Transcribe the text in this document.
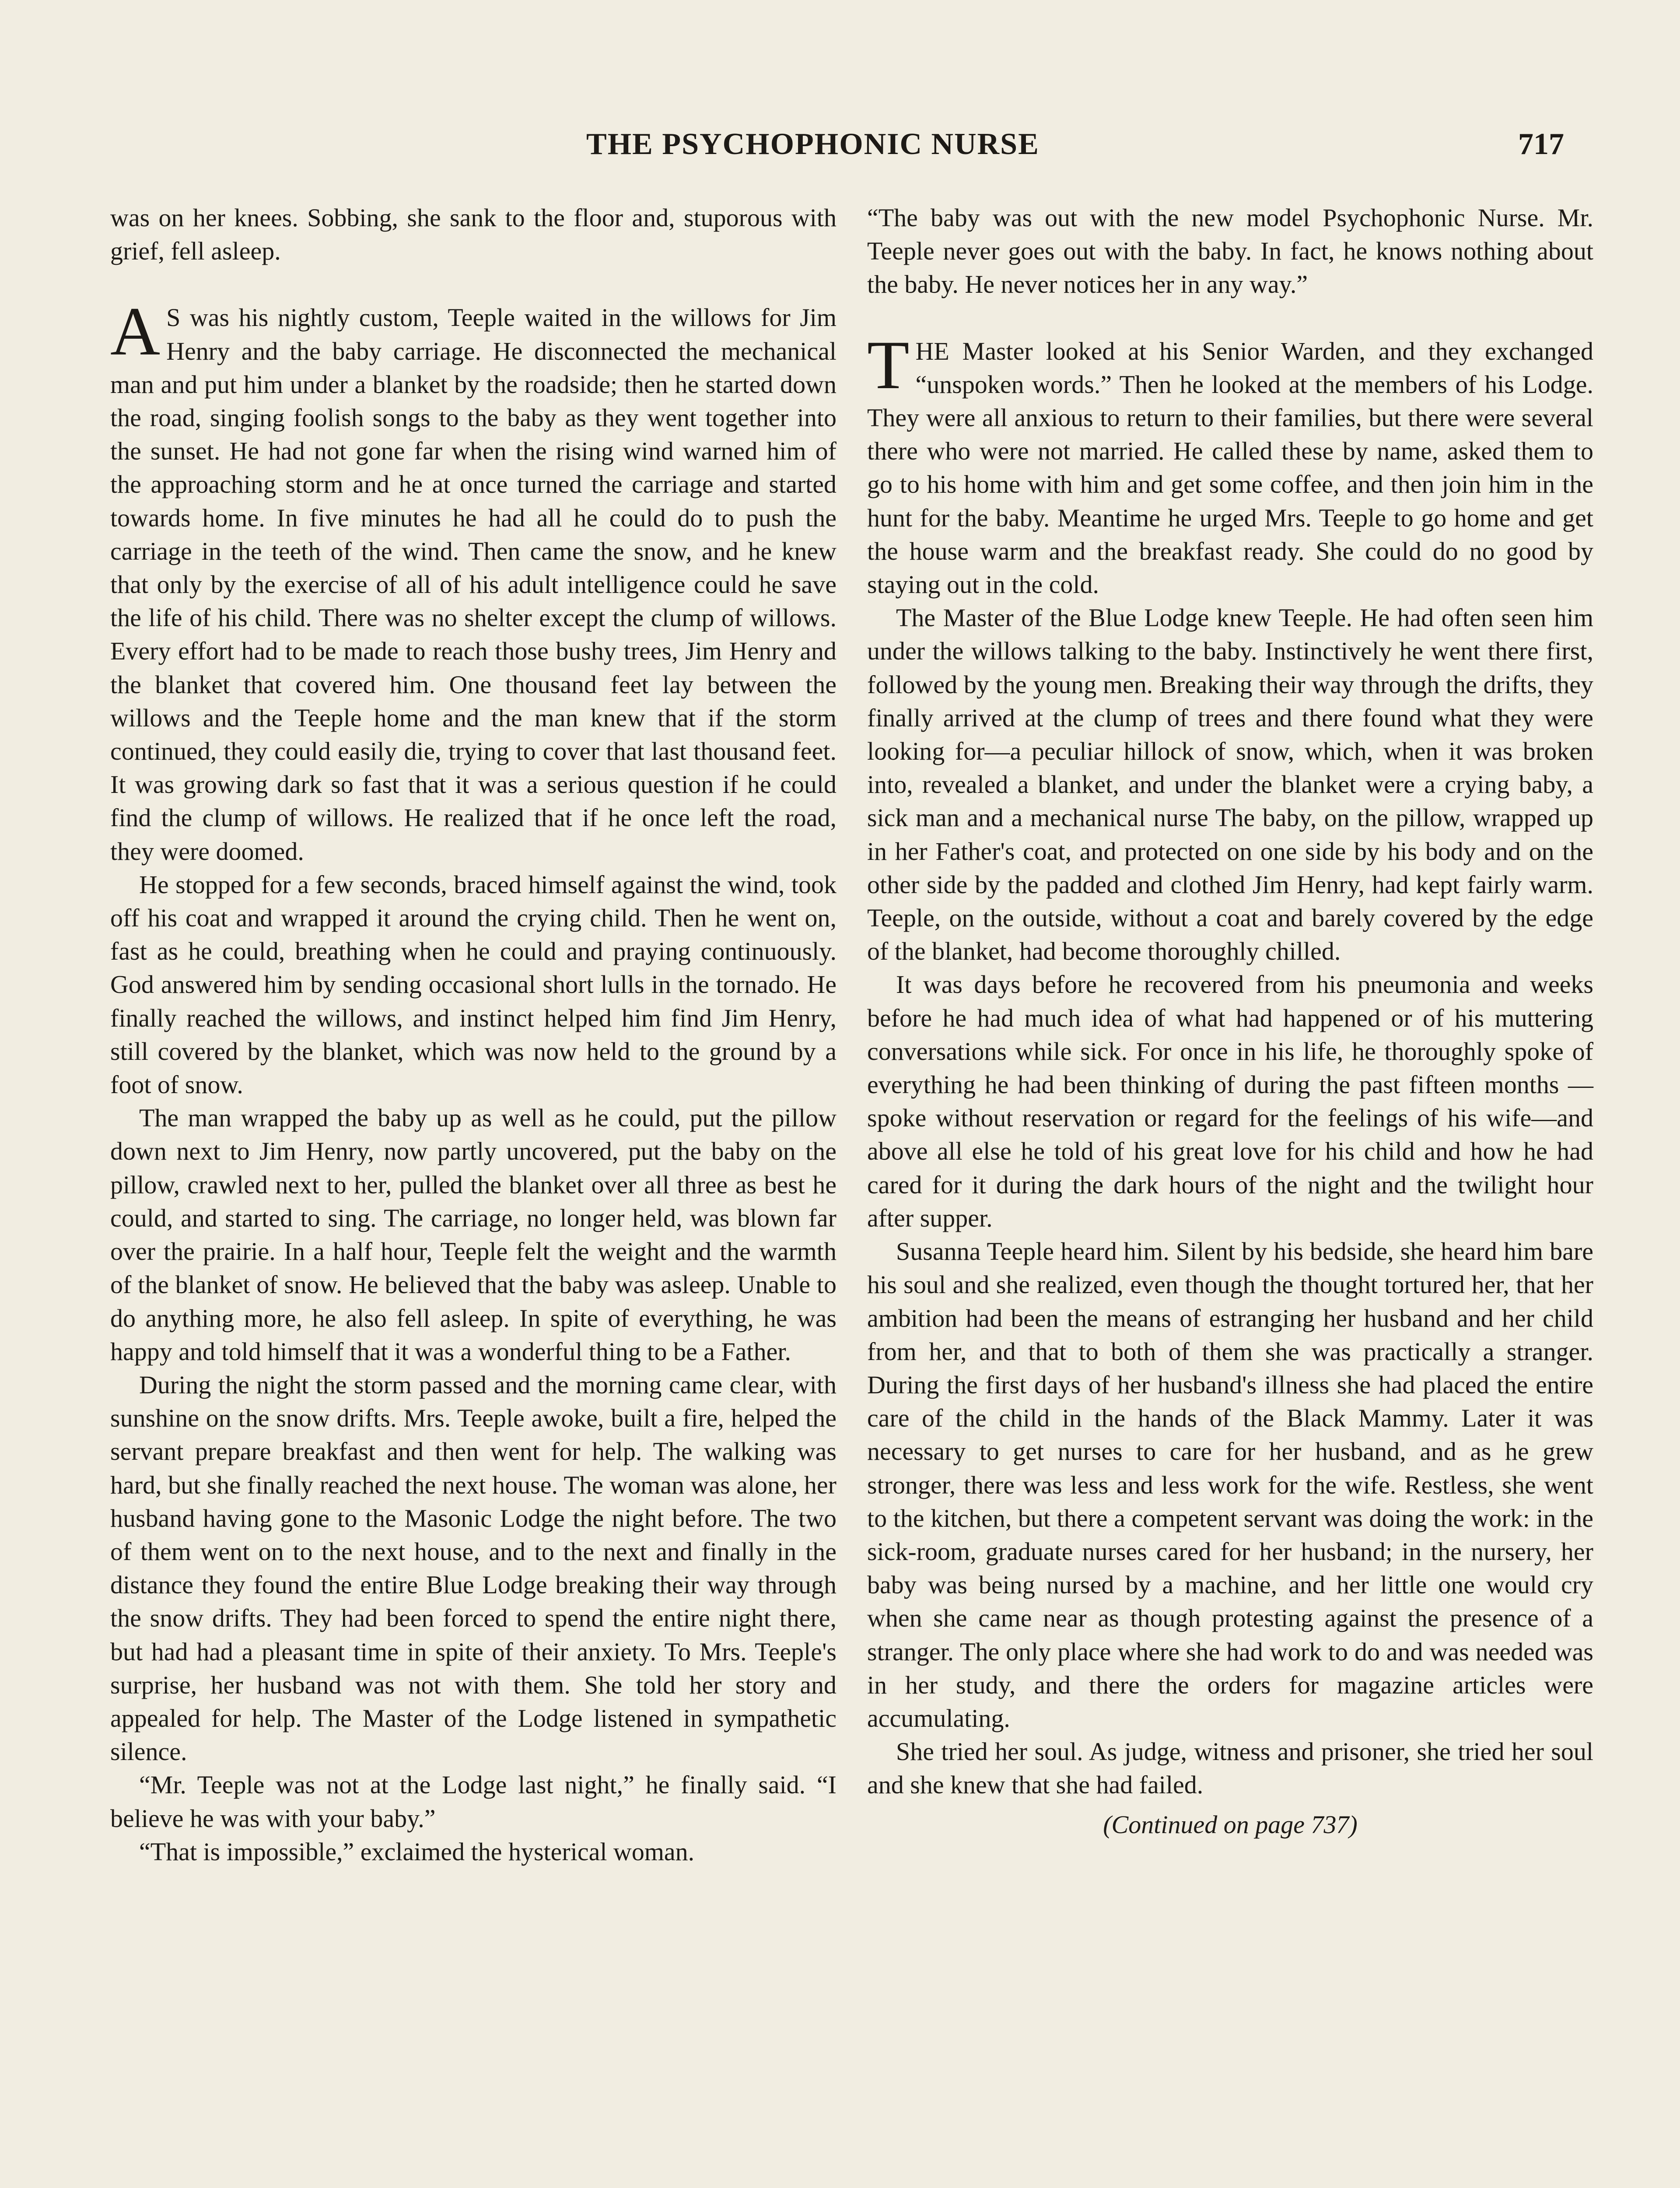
THE PSYCHOPHONIC NURSE	717

was on her knees. Sobbing, she sank to the floor and, stuporous with grief, fell asleep.

AS was his nightly custom, Teeple waited in the willows for Jim Henry and the baby carriage. He disconnected the mechanical man and put him under a blanket by the roadside; then he started down the road, singing foolish songs to the baby as they went together into the sunset. He had not gone far when the rising wind warned him of the approaching storm and he at once turned the carriage and started towards home. In five minutes he had all he could do to push the carriage in the teeth of the wind. Then came the snow, and he knew that only by the exercise of all of his adult intelligence could he save the life of his child. There was no shelter except the clump of willows. Every effort had to be made to reach those bushy trees, Jim Henry and the blanket that covered him. One thousand feet lay between the willows and the Teeple home and the man knew that if the storm continued, they could easily die, trying to cover that last thousand feet. It was growing dark so fast that it was a serious question if he could find the clump of willows. He realized that if he once left the road, they were doomed.

He stopped for a few seconds, braced himself against the wind, took off his coat and wrapped it around the crying child. Then he went on, fast as he could, breathing when he could and praying continuously. God answered him by sending occasional short lulls in the tornado. He finally reached the willows, and instinct helped him find Jim Henry, still covered by the blanket, which was now held to the ground by a foot of snow.

The man wrapped the baby up as well as he could, put the pillow down next to Jim Henry, now partly uncovered, put the baby on the pillow, crawled next to her, pulled the blanket over all three as best he could, and started to sing. The carriage, no longer held, was blown far over the prairie. In a half hour, Teeple felt the weight and the warmth of the blanket of snow. He believed that the baby was asleep. Unable to do anything more, he also fell asleep. In spite of everything, he was happy and told himself that it was a wonderful thing to be a Father.

During the night the storm passed and the morning came clear, with sunshine on the snow drifts. Mrs. Teeple awoke, built a fire, helped the servant prepare breakfast and then went for help. The walking was hard, but she finally reached the next house. The woman was alone, her husband having gone to the Masonic Lodge the night before. The two of them went on to the next house, and to the next and finally in the distance they found the entire Blue Lodge breaking their way through the snow drifts. They had been forced to spend the entire night there, but had had a pleasant time in spite of their anxiety. To Mrs. Teeple's surprise, her husband was not with them. She told her story and appealed for help. The Master of the Lodge listened in sympathetic silence.

“Mr. Teeple was not at the Lodge last night,” he finally said. “I believe he was with your baby.”

“That is impossible,” exclaimed the hysterical woman.

“The baby was out with the new model Psychophonic Nurse. Mr. Teeple never goes out with the baby. In fact, he knows nothing about the baby. He never notices her in any way.”

THE Master looked at his Senior Warden, and they exchanged “unspoken words.” Then he looked at the members of his Lodge. They were all anxious to return to their families, but there were several there who were not married. He called these by name, asked them to go to his home with him and get some coffee, and then join him in the hunt for the baby. Meantime he urged Mrs. Teeple to go home and get the house warm and the breakfast ready. She could do no good by staying out in the cold.

The Master of the Blue Lodge knew Teeple. He had often seen him under the willows talking to the baby. Instinctively he went there first, followed by the young men. Breaking their way through the drifts, they finally arrived at the clump of trees and there found what they were looking for—a peculiar hillock of snow, which, when it was broken into, revealed a blanket, and under the blanket were a crying baby, a sick man and a mechanical nurse The baby, on the pillow, wrapped up in her Father's coat, and protected on one side by his body and on the other side by the padded and clothed Jim Henry, had kept fairly warm. Teeple, on the outside, without a coat and barely covered by the edge of the blanket, had become thoroughly chilled.

It was days before he recovered from his pneumonia and weeks before he had much idea of what had happened or of his muttering conversations while sick. For once in his life, he thoroughly spoke of everything he had been thinking of during the past fifteen months —spoke without reservation or regard for the feelings of his wife—and above all else he told of his great love for his child and how he had cared for it during the dark hours of the night and the twilight hour after supper.

Susanna Teeple heard him. Silent by his bedside, she heard him bare his soul and she realized, even though the thought tortured her, that her ambition had been the means of estranging her husband and her child from her, and that to both of them she was practically a stranger. During the first days of her husband's illness she had placed the entire care of the child in the hands of the Black Mammy. Later it was necessary to get nurses to care for her husband, and as he grew stronger, there was less and less work for the wife. Restless, she went to the kitchen, but there a competent servant was doing the work: in the sick-room, graduate nurses cared for her husband; in the nursery, her baby was being nursed by a machine, and her little one would cry when she came near as though protesting against the presence of a stranger. The only place where she had work to do and was needed was in her study, and there the orders for magazine articles were accumulating.

She tried her soul. As judge, witness and prisoner, she tried her soul and she knew that she had failed.

(Continued on page 737)
